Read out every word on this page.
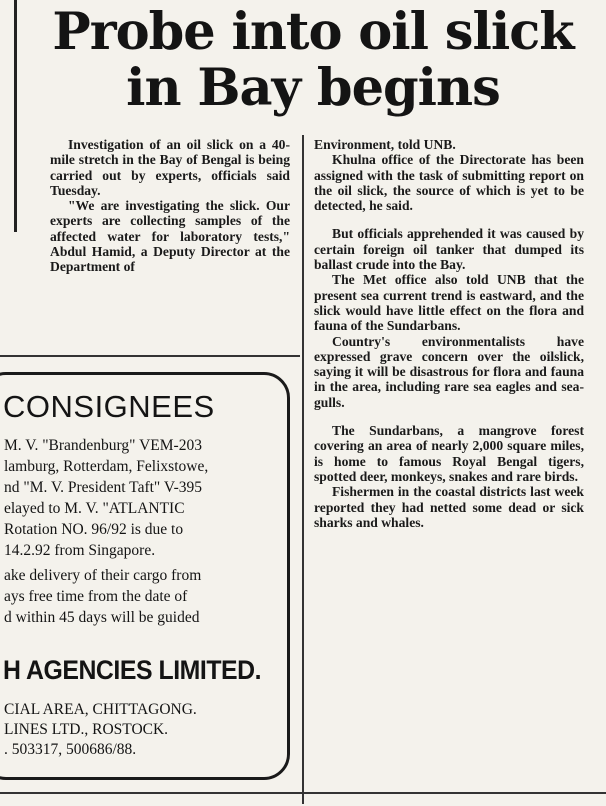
Probe into oil slick
in Bay begins

Investigation of an oil slick on a 40-mile stretch in the Bay of Bengal is being carried out by experts, officials said Tuesday.

"We are investigating the slick. Our experts are collecting samples of the affected water for laboratory tests," Abdul Hamid, a Deputy Director at the Department of

Environment, told UNB.

Khulna office of the Directorate has been assigned with the task of submitting report on the oil slick, the source of which is yet to be detected, he said.

But officials apprehended it was caused by certain foreign oil tanker that dumped its ballast crude into the Bay.

The Met office also told UNB that the present sea current trend is eastward, and the slick would have little effect on the flora and fauna of the Sundarbans.

Country's environmentalists have expressed grave concern over the oilslick, saying it will be disastrous for flora and fauna in the area, including rare sea eagles and sea-gulls.

The Sundarbans, a mangrove forest covering an area of nearly 2,000 square miles, is home to famous Royal Bengal tigers, spotted deer, monkeys, snakes and rare birds.

Fishermen in the coastal districts last week reported they had netted some dead or sick sharks and whales.

CONSIGNEES
M. V. "Brandenburg" VEM-203
lamburg, Rotterdam, Felixstowe,
nd "M. V. President Taft" V-395
elayed to M. V. "ATLANTIC
Rotation NO. 96/92 is due to
14.2.92 from Singapore.
ake delivery of their cargo from
ays free time from the date of
d within 45 days will be guided
H AGENCIES LIMITED.
CIAL AREA, CHITTAGONG.
LINES LTD., ROSTOCK.
. 503317, 500686/88.
